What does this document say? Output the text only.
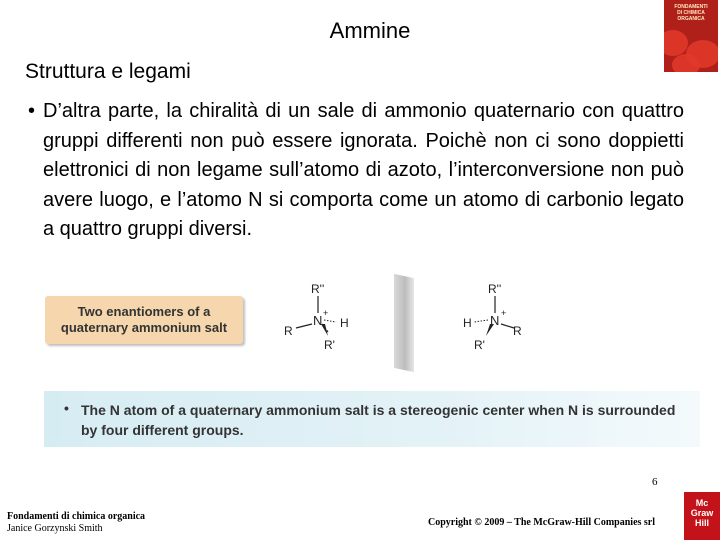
Ammine
FONDAMENTI
DI CHIMICA
ORGANICA
Struttura e legami
• D’altra parte, la chiralità di un sale di ammonio quaternario con quattro gruppi differenti non può essere ignorata. Poichè non ci sono doppietti elettronici di non legame sull’atomo di azoto, l’interconversione non può avere luogo, e l’atomo N si comporta come un atomo di carbonio legato a quattro gruppi diversi.
Two enantiomers of a quaternary ammonium salt
R''
N +
R
H
R'
R''
N +
H
R
R'
• The N atom of a quaternary ammonium salt is a stereogenic center when N is surrounded by four different groups.
6
Fondamenti di chimica organica
Janice Gorzynski Smith
Copyright © 2009 – The McGraw-Hill Companies srl
Mc
Graw
Hill
